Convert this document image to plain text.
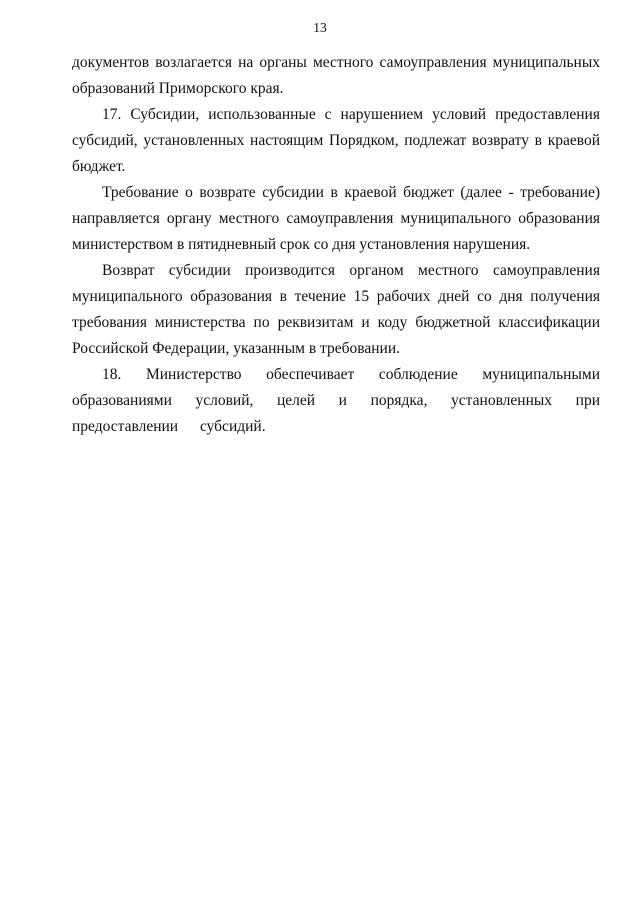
13

документов возлагается на органы местного самоуправления муниципальных образований Приморского края.

17. Субсидии, использованные с нарушением условий предоставления субсидий, установленных настоящим Порядком, подлежат возврату в краевой бюджет.

Требование о возврате субсидии в краевой бюджет (далее - требование) направляется органу местного самоуправления муниципального образования министерством в пятидневный срок со дня установления нарушения.

Возврат субсидии производится органом местного самоуправления муниципального образования в течение 15 рабочих дней со дня получения требования министерства по реквизитам и коду бюджетной классификации Российской Федерации, указанным в требовании.

18. Министерство обеспечивает соблюдение муниципальными образованиями условий, целей и порядка, установленных при предоставлении субсидий.
